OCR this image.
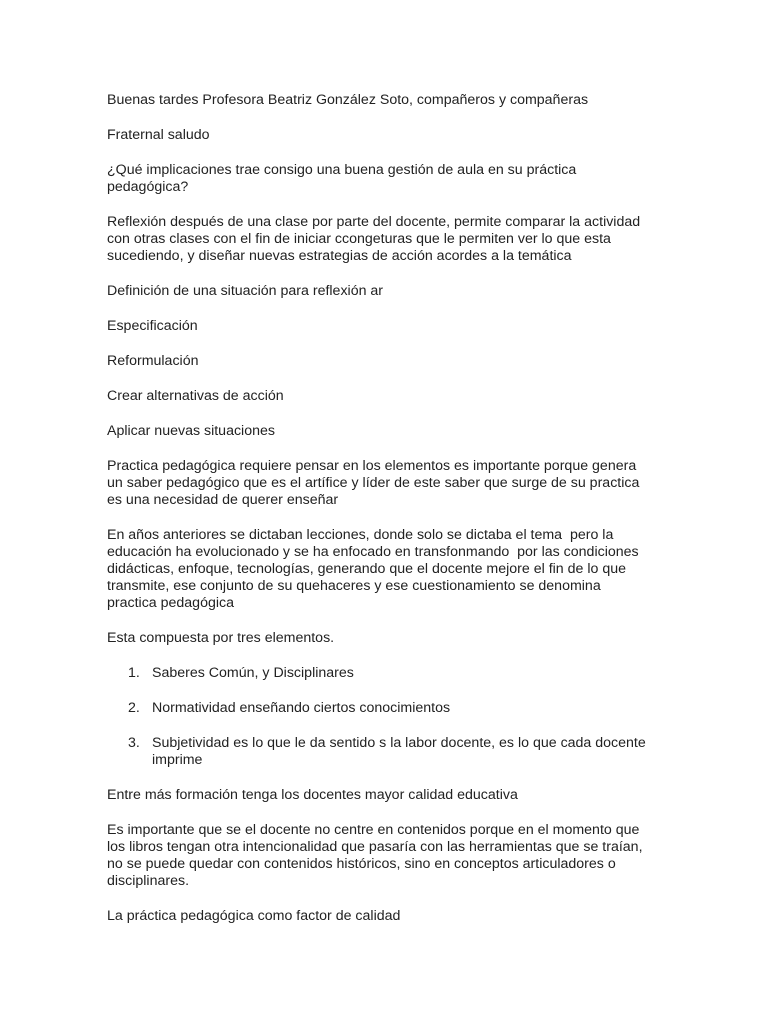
Buenas tardes Profesora Beatriz González Soto, compañeros y compañeras

Fraternal saludo

¿Qué implicaciones trae consigo una buena gestión de aula en su práctica pedagógica?

Reflexión después de una clase por parte del docente, permite comparar la actividad con otras clases con el fin de iniciar ccongeturas que le permiten ver lo que esta sucediendo, y diseñar nuevas estrategias de acción acordes a la temática

Definición de una situación para reflexión ar

Especificación

Reformulación

Crear alternativas de acción

Aplicar nuevas situaciones

Practica pedagógica requiere pensar en los elementos es importante porque genera un saber pedagógico que es el artífice y líder de este saber que surge de su practica es una necesidad de querer enseñar

En años anteriores se dictaban lecciones, donde solo se dictaba el tema  pero la educación ha evolucionado y se ha enfocado en transfonmando  por las condiciones didácticas, enfoque, tecnologías, generando que el docente mejore el fin de lo que transmite, ese conjunto de su quehaceres y ese cuestionamiento se denomina practica pedagógica

Esta compuesta por tres elementos.

1. Saberes Común, y Disciplinares
2. Normatividad enseñando ciertos conocimientos
3. Subjetividad es lo que le da sentido s la labor docente, es lo que cada docente imprime

Entre más formación tenga los docentes mayor calidad educativa

Es importante que se el docente no centre en contenidos porque en el momento que los libros tengan otra intencionalidad que pasaría con las herramientas que se traían, no se puede quedar con contenidos históricos, sino en conceptos articuladores o disciplinares.

La práctica pedagógica como factor de calidad
